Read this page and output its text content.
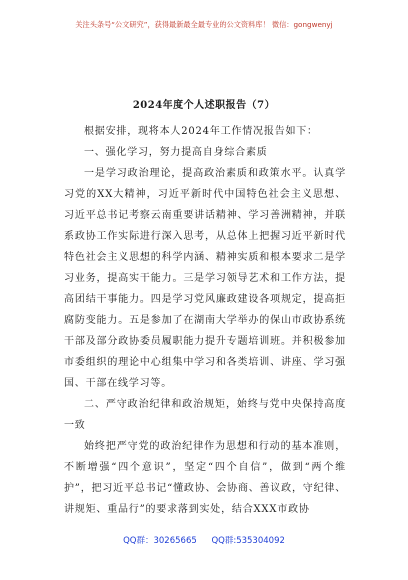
关注头条号“公文研究”，获得最新最全最专业的公文资料库！ 微信：gongwenyj
2024年度个人述职报告（7）

根据安排，现将本人2024年工作情况报告如下：

一、强化学习，努力提高自身综合素质

一是学习政治理论，提高政治素质和政策水平。认真学习党的XX大精神，习近平新时代中国特色社会主义思想、习近平总书记考察云南重要讲话精神、学习善洲精神，并联系政协工作实际进行深入思考，从总体上把握习近平新时代特色社会主义思想的科学内涵、精神实质和根本要求二是学习业务，提高实干能力。三是学习领导艺术和工作方法，提高团结干事能力。四是学习党风廉政建设各项规定，提高拒腐防变能力。五是参加了在湖南大学举办的保山市政协系统干部及部分政协委员履职能力提升专题培训班。并积极参加市委组织的理论中心组集中学习和各类培训、讲座、学习强国、干部在线学习等。

二、严守政治纪律和政治规矩，始终与党中央保持高度一致

始终把严守党的政治纪律作为思想和行动的基本准则，不断增强“四个意识”，坚定“四个自信”，做到“两个维护”，把习近平总书记“懂政协、会协商、善议政，守纪律、讲规矩、重品行”的要求落到实处，结合XXX市政协

QQ群：30265665 QQ群:535304092
